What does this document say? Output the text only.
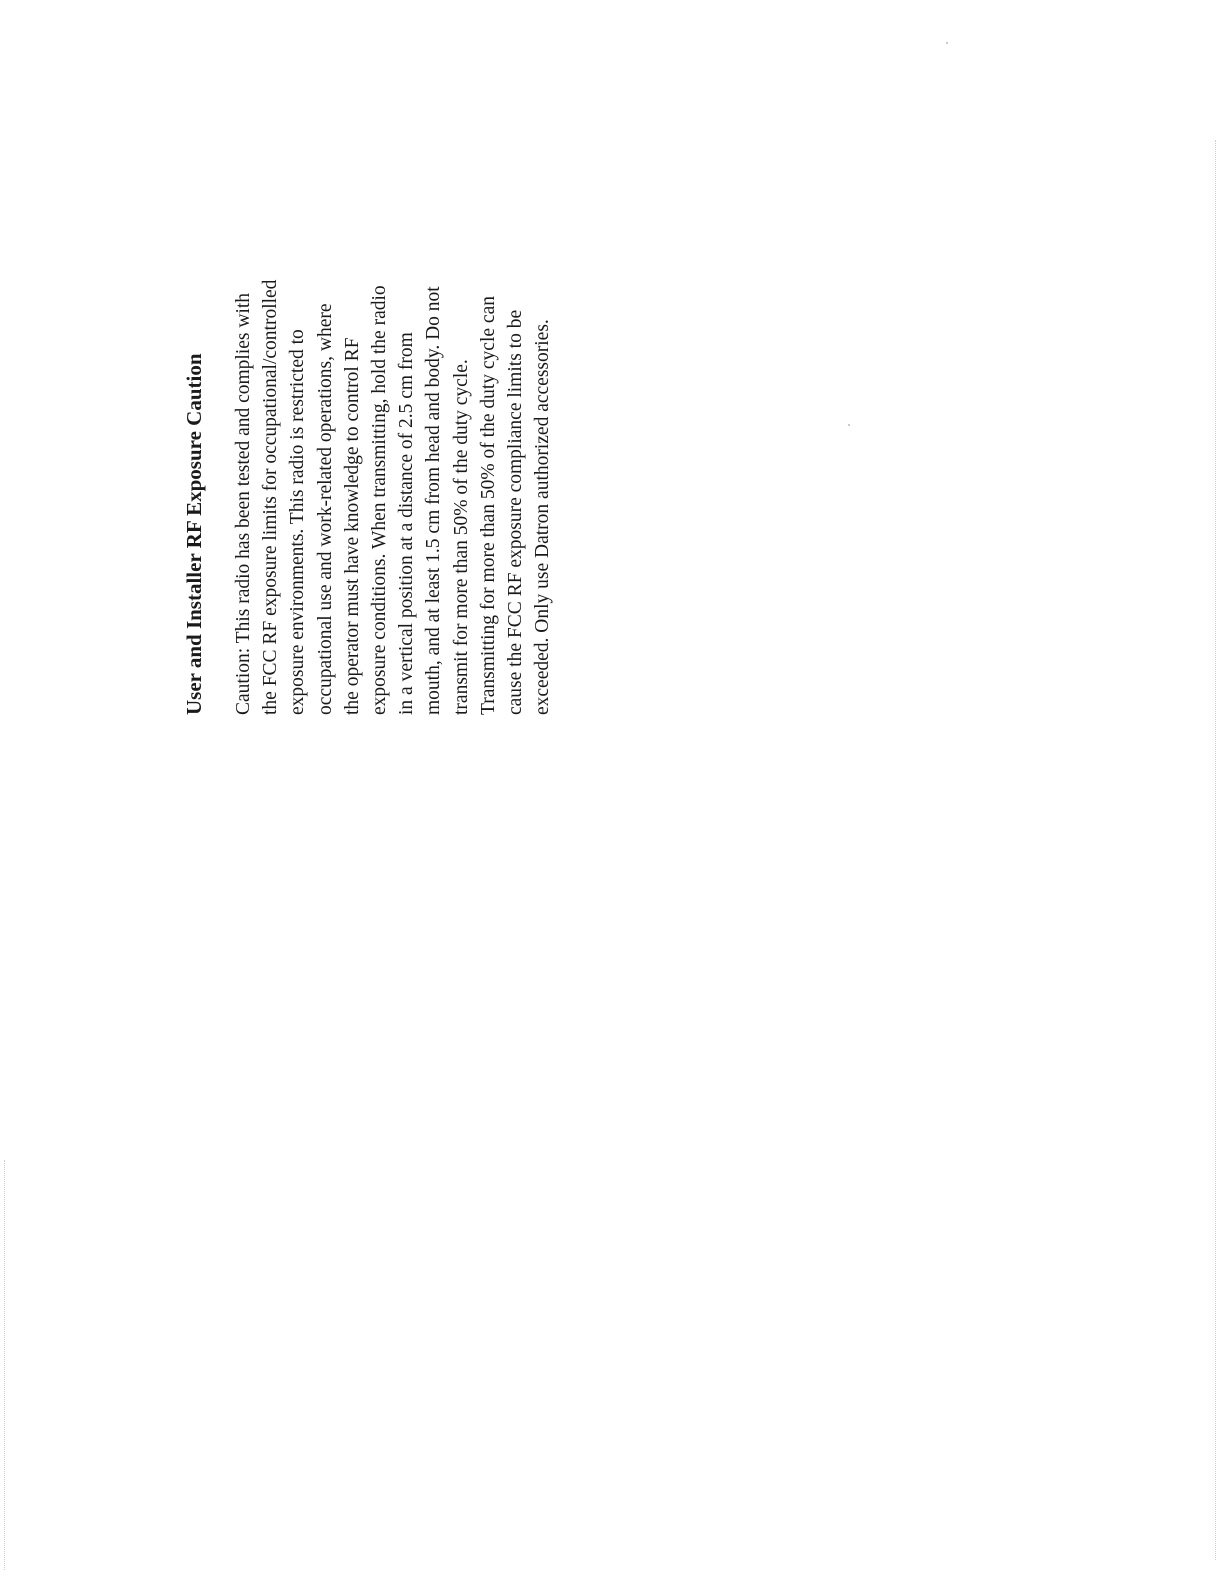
User and Installer RF Exposure Caution Caution: This radio has been tested and complies with the FCC RF exposure limits for occupational/controlled exposure environments. This radio is restricted to occupational use and work-related operations, where the operator must have knowledge to control RF exposure conditions. When transmitting, hold the radio in a vertical position at a distance of 2.5 cm from mouth, and at least 1.5 cm from head and body. Do not transmit for more than 50% of the duty cycle. Transmitting for more than 50% of the duty cycle can cause the FCC RF exposure compliance limits to be exceeded. Only use Datron authorized accessories.
